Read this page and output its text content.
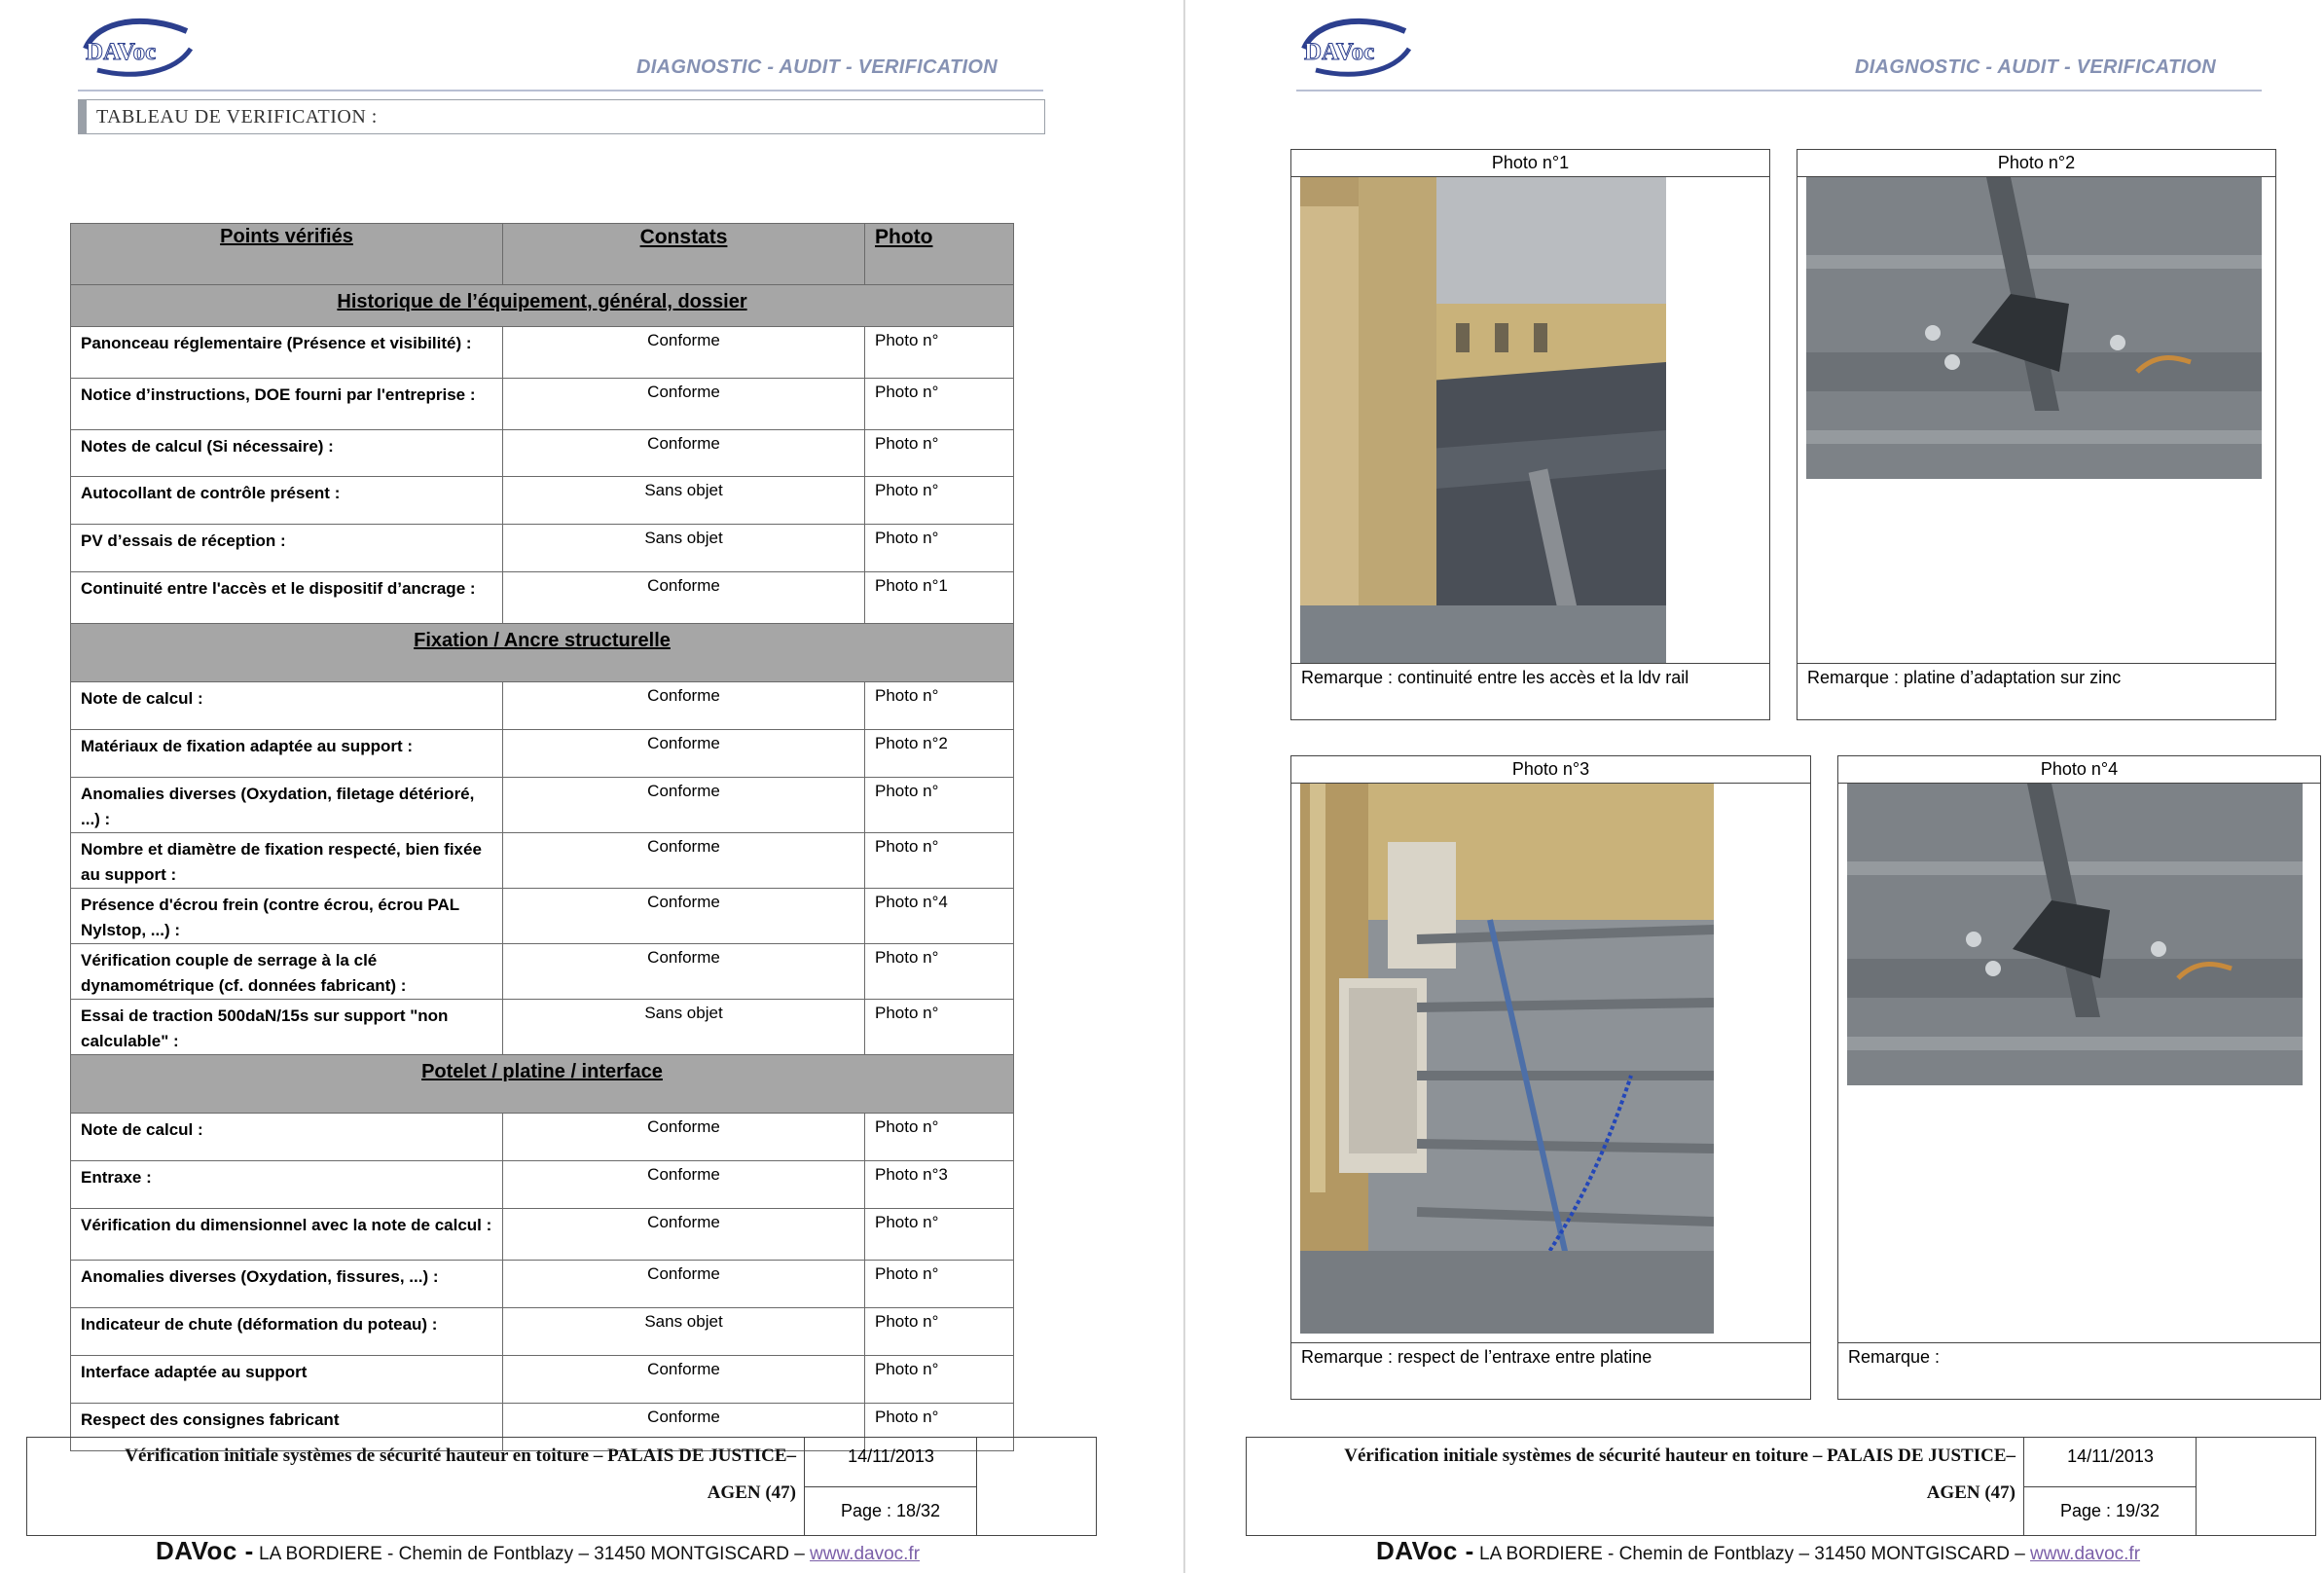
DAVoc
DIAGNOSTIC - AUDIT - VERIFICATION
TABLEAU DE VERIFICATION :
Points vérifiés	Constats	Photo
Historique de l’équipement, général, dossier		
Panonceau réglementaire (Présence et visibilité) :	Conforme	Photo n°
Notice d’instructions, DOE fourni par l'entreprise :	Conforme	Photo n°
Notes de calcul (Si nécessaire) :	Conforme	Photo n°
Autocollant de contrôle présent :	Sans objet	Photo n°
PV d’essais de réception :	Sans objet	Photo n°
Continuité entre l'accès et le dispositif d’ancrage :	Conforme	Photo n°1
Fixation / Ancre structurelle		
Note de calcul :	Conforme	Photo n°
Matériaux de fixation adaptée au support :	Conforme	Photo n°2
Anomalies diverses (Oxydation, filetage détérioré, ...) :	Conforme	Photo n°
Nombre et diamètre de fixation respecté, bien fixée au support :	Conforme	Photo n°
Présence d'écrou frein (contre écrou, écrou PAL Nylstop, ...) :	Conforme	Photo n°4
Vérification couple de serrage à la clé dynamométrique (cf. données fabricant) :	Conforme	Photo n°
Essai de traction 500daN/15s sur support "non calculable" :	Sans objet	Photo n°
Potelet / platine / interface		
Note de calcul :	Conforme	Photo n°
Entraxe :	Conforme	Photo n°3
Vérification du dimensionnel avec la note de calcul :	Conforme	Photo n°
Anomalies diverses (Oxydation, fissures, ...) :	Conforme	Photo n°
Indicateur de chute (déformation du poteau) :	Sans objet	Photo n°
Interface adaptée au support	Conforme	Photo n°
Respect des consignes fabricant	Conforme	Photo n°
Vérification initiale systèmes de sécurité hauteur en toiture – PALAIS DE JUSTICE– AGEN (47)
14/11/2013
Page : 18/32
DAVoc - LA BORDIERE - Chemin de Fontblazy – 31450 MONTGISCARD – www.davoc.fr
DAVoc
DIAGNOSTIC - AUDIT - VERIFICATION
Photo n°1
Remarque : continuité entre les accès et la ldv rail
Photo n°2
Remarque : platine d’adaptation sur zinc
Photo n°3
Remarque : respect de l’entraxe entre platine
Photo n°4
Remarque :
Vérification initiale systèmes de sécurité hauteur en toiture – PALAIS DE JUSTICE– AGEN (47)
14/11/2013
Page : 19/32
DAVoc - LA BORDIERE - Chemin de Fontblazy – 31450 MONTGISCARD – www.davoc.fr
